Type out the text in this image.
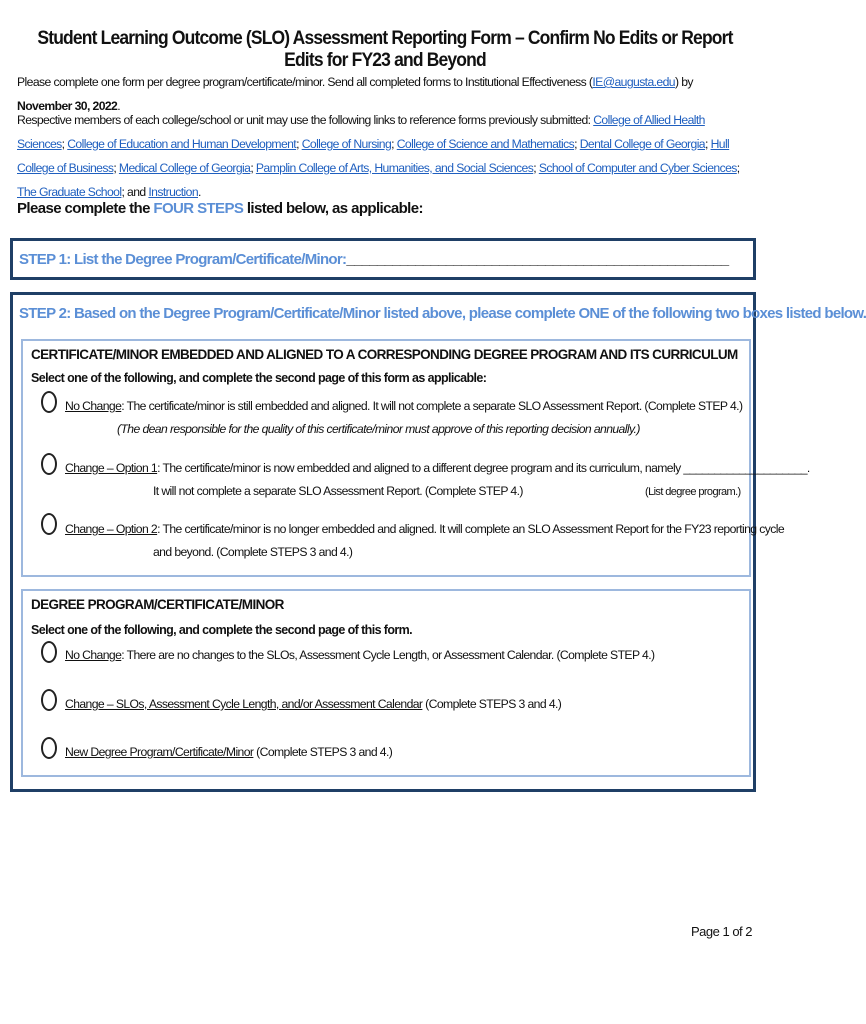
Student Learning Outcome (SLO) Assessment Reporting Form – Confirm No Edits or Report Edits for FY23 and Beyond
Please complete one form per degree program/certificate/minor. Send all completed forms to Institutional Effectiveness (IE@augusta.edu) by November 30, 2022.
Respective members of each college/school or unit may use the following links to reference forms previously submitted: College of Allied Health Sciences; College of Education and Human Development; College of Nursing; College of Science and Mathematics; Dental College of Georgia; Hull College of Business; Medical College of Georgia; Pamplin College of Arts, Humanities, and Social Sciences; School of Computer and Cyber Sciences; The Graduate School; and Instruction.
Please complete the FOUR STEPS listed below, as applicable:
STEP 1: List the Degree Program/Certificate/Minor:__________________________________________________
STEP 2: Based on the Degree Program/Certificate/Minor listed above, please complete ONE of the following two boxes listed below.
CERTIFICATE/MINOR EMBEDDED AND ALIGNED TO A CORRESPONDING DEGREE PROGRAM AND ITS CURRICULUM
Select one of the following, and complete the second page of this form as applicable:
No Change: The certificate/minor is still embedded and aligned. It will not complete a separate SLO Assessment Report. (Complete STEP 4.)
(The dean responsible for the quality of this certificate/minor must approve of this reporting decision annually.)
Change – Option 1: The certificate/minor is now embedded and aligned to a different degree program and its curriculum, namely ____________________.
It will not complete a separate SLO Assessment Report. (Complete STEP 4.)	(List degree program.)
Change – Option 2: The certificate/minor is no longer embedded and aligned. It will complete an SLO Assessment Report for the FY23 reporting cycle
and beyond. (Complete STEPS 3 and 4.)
DEGREE PROGRAM/CERTIFICATE/MINOR
Select one of the following, and complete the second page of this form.
No Change: There are no changes to the SLOs, Assessment Cycle Length, or Assessment Calendar. (Complete STEP 4.)
Change – SLOs, Assessment Cycle Length, and/or Assessment Calendar (Complete STEPS 3 and 4.)
New Degree Program/Certificate/Minor (Complete STEPS 3 and 4.)
Page 1 of 2
